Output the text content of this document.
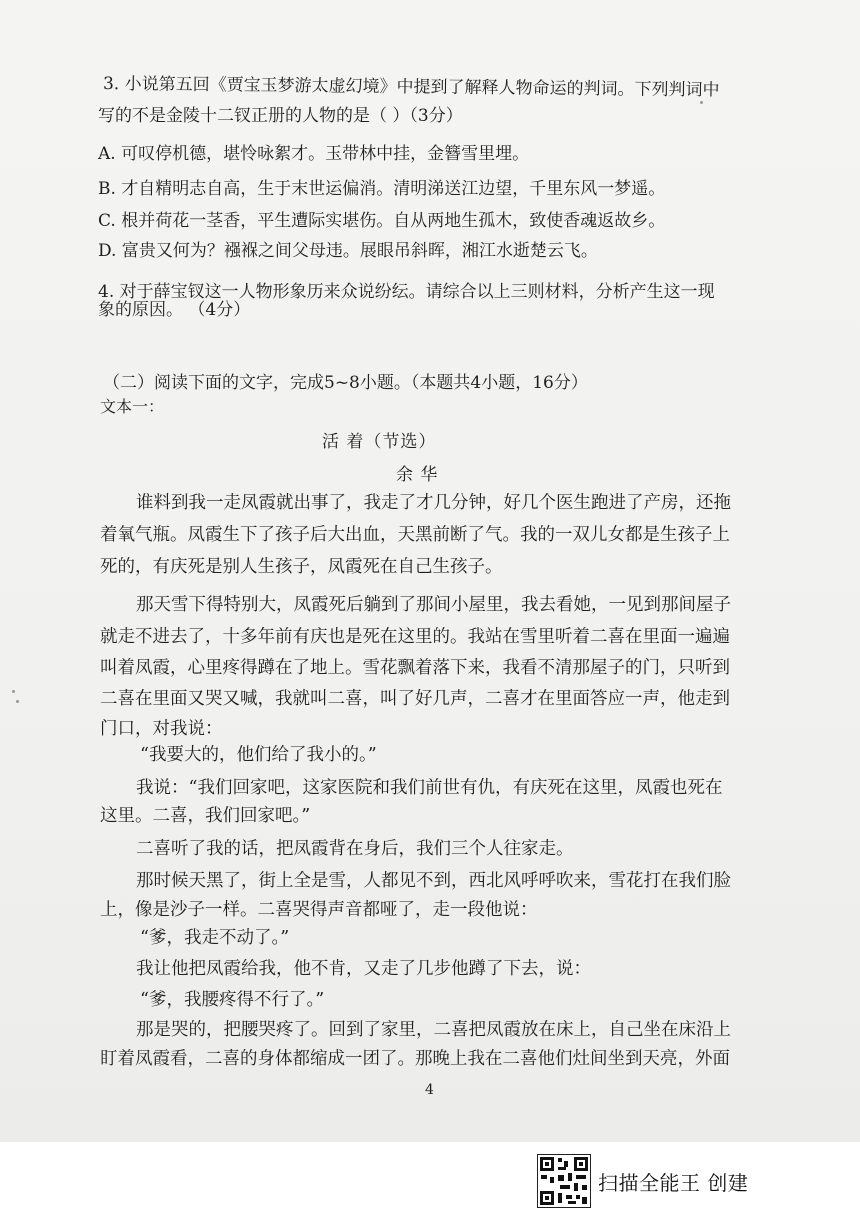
3. 小说第五回《贾宝玉梦游太虚幻境》中提到了解释人物命运的判词。下列判词中
写的不是金陵十二钗正册的人物的是（ ）（3分）
A. 可叹停机德，堪怜咏絮才。玉带林中挂，金簪雪里埋。
B. 才自精明志自高，生于末世运偏消。清明涕送江边望，千里东风一梦遥。
C. 根并荷花一茎香，平生遭际实堪伤。自从两地生孤木，致使香魂返故乡。
D. 富贵又何为？襁褓之间父母违。展眼吊斜晖，湘江水逝楚云飞。
4. 对于薛宝钗这一人物形象历来众说纷纭。请综合以上三则材料，分析产生这一现
象的原因。 （4分）
（二）阅读下面的文字，完成5~8小题。（本题共4小题，16分）
文本一：
活 着（节选）
余 华
谁料到我一走凤霞就出事了，我走了才几分钟，好几个医生跑进了产房，还拖
着氧气瓶。凤霞生下了孩子后大出血，天黑前断了气。我的一双儿女都是生孩子上
死的，有庆死是别人生孩子，凤霞死在自己生孩子。
那天雪下得特别大，凤霞死后躺到了那间小屋里，我去看她，一见到那间屋子
就走不进去了，十多年前有庆也是死在这里的。我站在雪里听着二喜在里面一遍遍
叫着凤霞，心里疼得蹲在了地上。雪花飘着落下来，我看不清那屋子的门，只听到
二喜在里面又哭又喊，我就叫二喜，叫了好几声，二喜才在里面答应一声，他走到
门口，对我说：
“我要大的，他们给了我小的。”
我说：“我们回家吧，这家医院和我们前世有仇，有庆死在这里，凤霞也死在
这里。二喜，我们回家吧。”
二喜听了我的话，把凤霞背在身后，我们三个人往家走。
那时候天黑了，街上全是雪，人都见不到，西北风呼呼吹来，雪花打在我们脸
上，像是沙子一样。二喜哭得声音都哑了，走一段他说：
“爹，我走不动了。”
我让他把凤霞给我，他不肯，又走了几步他蹲了下去，说：
“爹，我腰疼得不行了。”
那是哭的，把腰哭疼了。回到了家里，二喜把凤霞放在床上，自己坐在床沿上
盯着凤霞看，二喜的身体都缩成一团了。那晚上我在二喜他们灶间坐到天亮，外面
4
扫描全能王 创建
